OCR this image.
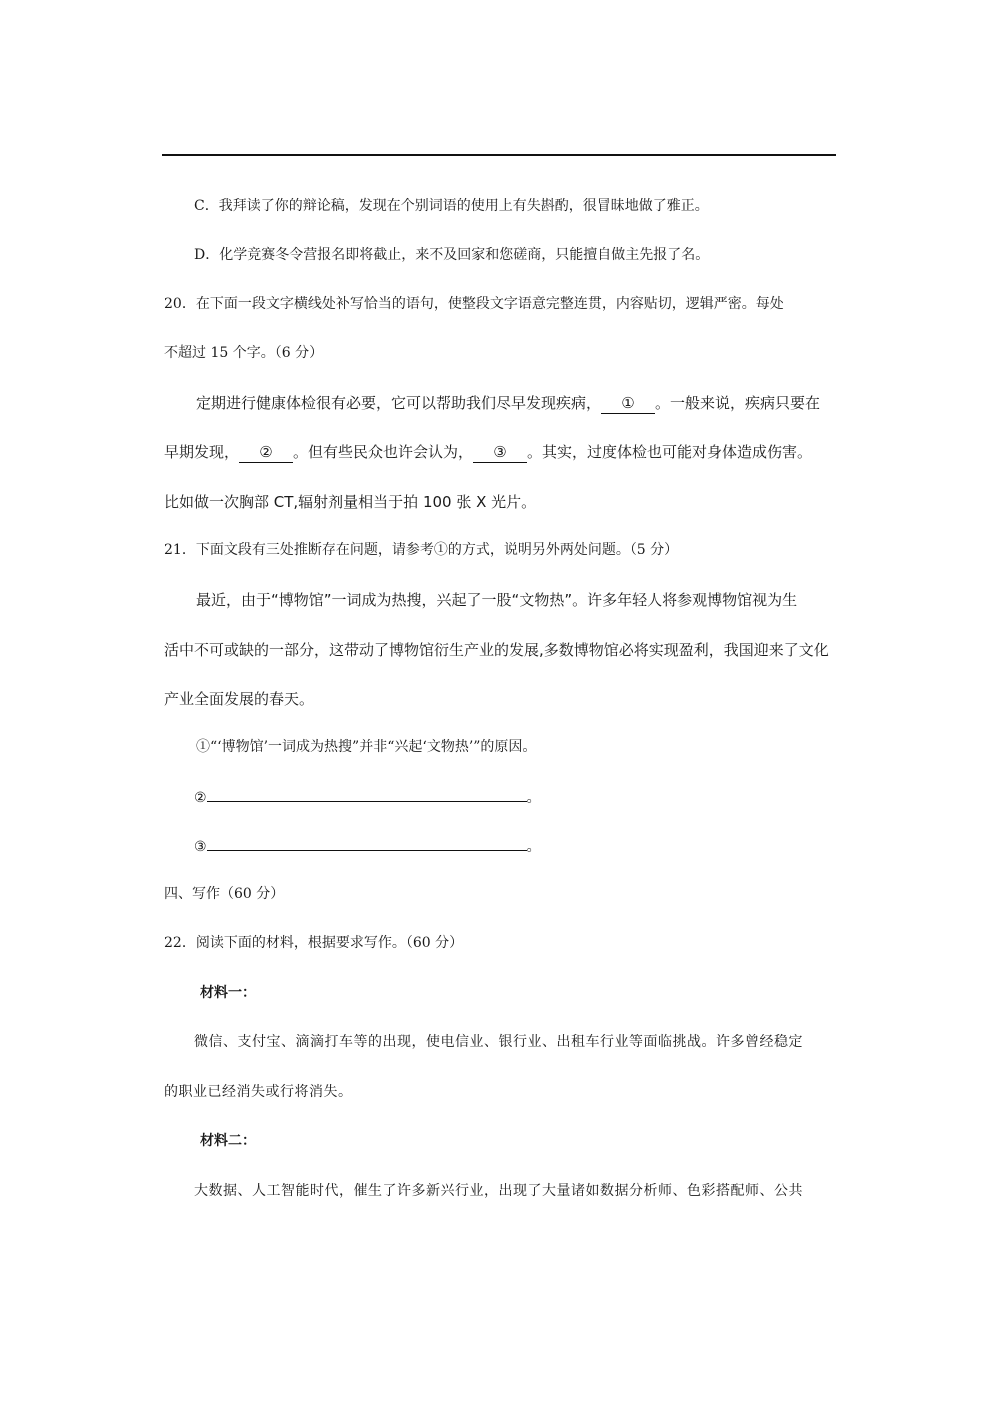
C．我拜读了你的辩论稿，发现在个别词语的使用上有失斟酌，很冒昧地做了雅正。
D．化学竞赛冬令营报名即将截止，来不及回家和您磋商，只能擅自做主先报了名。
20．在下面一段文字横线处补写恰当的语句，使整段文字语意完整连贯，内容贴切，逻辑严密。每处
不超过 15 个字。（6 分）
定期进行健康体检很有必要，它可以帮助我们尽早发现疾病， ① 。一般来说，疾病只要在
早期发现， ② 。但有些民众也许会认为， ③ 。其实，过度体检也可能对身体造成伤害。
比如做一次胸部 CT,辐射剂量相当于拍 100 张 X 光片。
21．下面文段有三处推断存在问题，请参考①的方式，说明另外两处问题。（5 分）
最近，由于“博物馆”一词成为热搜，兴起了一股“文物热”。许多年轻人将参观博物馆视为生
活中不可或缺的一部分，这带动了博物馆衍生产业的发展,多数博物馆必将实现盈利，我国迎来了文化
产业全面发展的春天。
①“‘博物馆’一词成为热搜”并非“兴起‘文物热’”的原因。
②	。
③	。
四、写作（60 分）
22．阅读下面的材料，根据要求写作。（60 分）
材料一：
微信、支付宝、滴滴打车等的出现，使电信业、银行业、出租车行业等面临挑战。许多曾经稳定
的职业已经消失或行将消失。
材料二：
大数据、人工智能时代，催生了许多新兴行业，出现了大量诸如数据分析师、色彩搭配师、公共
